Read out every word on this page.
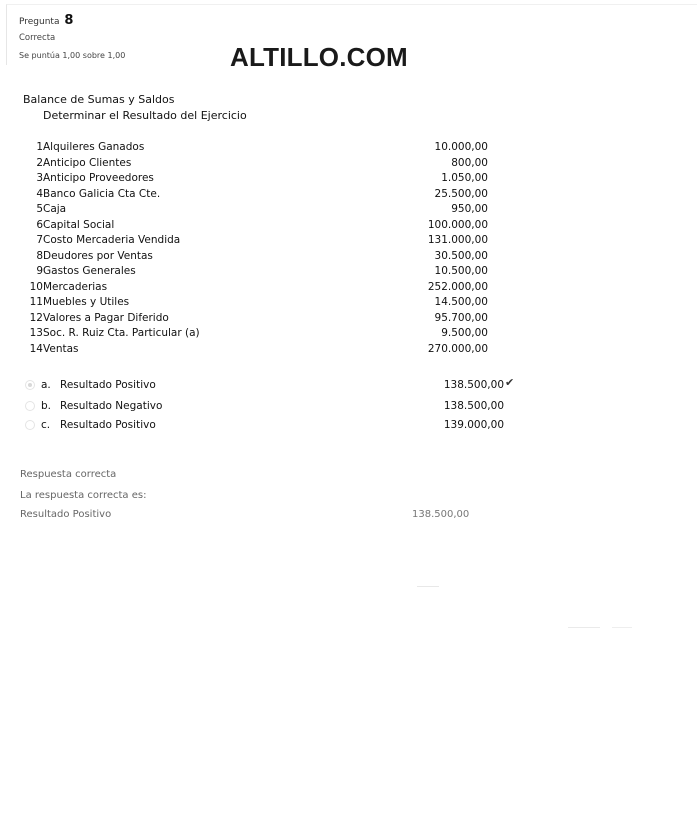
Pregunta 8
Correcta
Se puntúa 1,00 sobre 1,00	ALTILLO.COM
Balance de Sumas y Saldos
Determinar el Resultado del Ejercicio
1 Alquileres Ganados	10.000,00
2 Anticipo Clientes	800,00
3 Anticipo Proveedores	1.050,00
4 Banco Galicia Cta Cte.	25.500,00
5 Caja	950,00
6 Capital Social	100.000,00
7 Costo Mercaderia Vendida	131.000,00
8 Deudores por Ventas	30.500,00
9 Gastos Generales	10.500,00
10 Mercaderias	252.000,00
11 Muebles y Utiles	14.500,00
12 Valores a Pagar Diferido	95.700,00
13 Soc. R. Ruiz Cta. Particular (a)	9.500,00
14 Ventas	270.000,00
a. Resultado Positivo	138.500,00 ✔
b. Resultado Negativo	138.500,00
c. Resultado Positivo	139.000,00
Respuesta correcta
La respuesta correcta es:
Resultado Positivo	138.500,00
